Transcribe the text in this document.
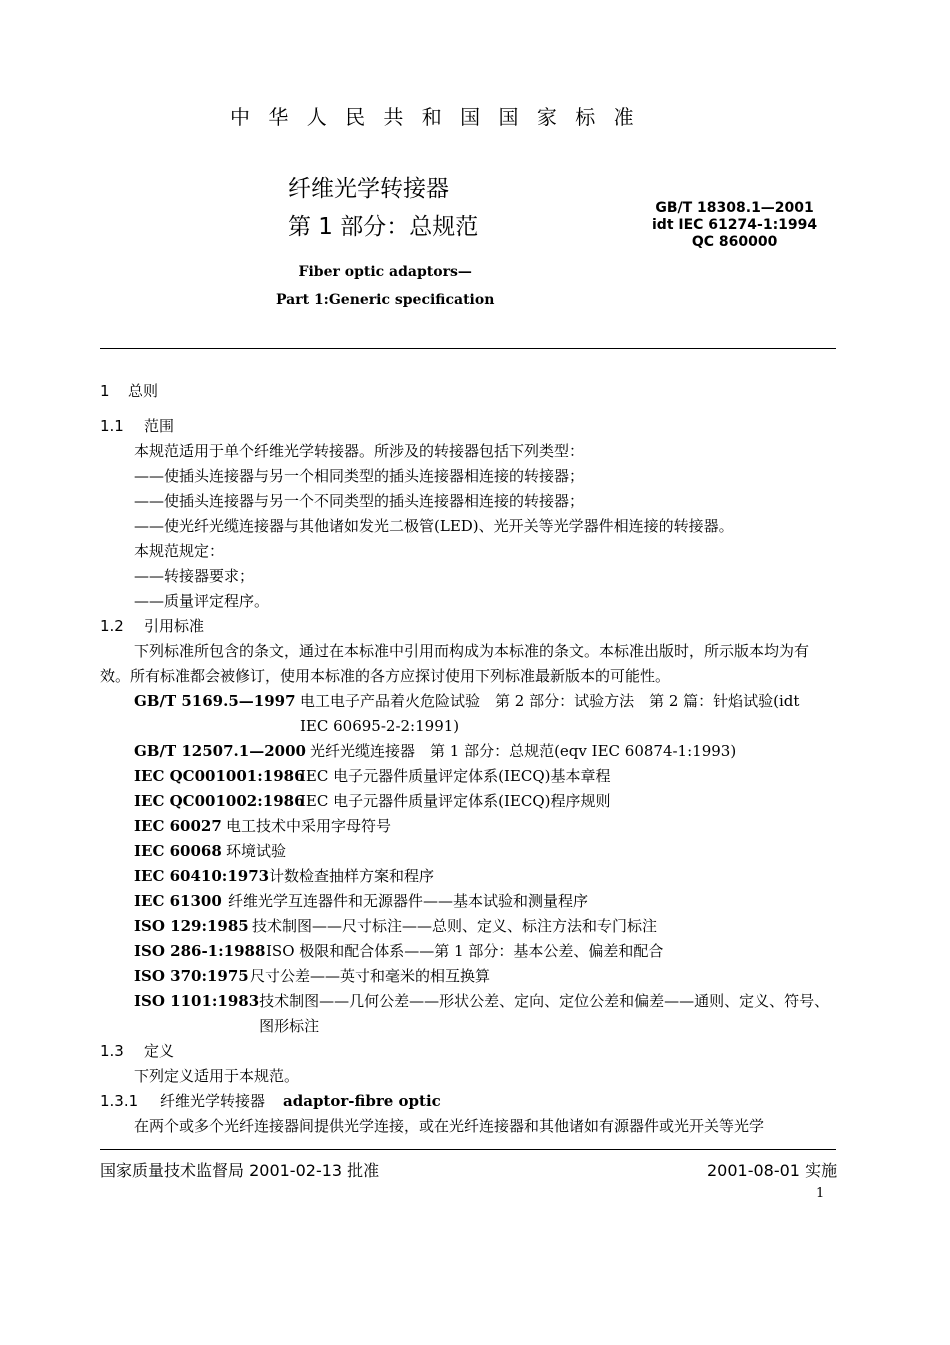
中 华 人 民 共 和 国 国 家 标 准
纤维光学转接器
第 1 部分：总规范
GB/T 18308.1—2001
idt IEC 61274-1:1994
QC 860000
Fiber optic adaptors—
Part 1:Generic specification
1 总则
1.1 范围
本规范适用于单个纤维光学转接器。所涉及的转接器包括下列类型：
——使插头连接器与另一个相同类型的插头连接器相连接的转接器；
——使插头连接器与另一个不同类型的插头连接器相连接的转接器；
——使光纤光缆连接器与其他诸如发光二极管(LED)、光开关等光学器件相连接的转接器。
本规范规定：
——转接器要求；
——质量评定程序。
1.2 引用标准
下列标准所包含的条文，通过在本标准中引用而构成为本标准的条文。本标准出版时，所示版本均为有效。所有标准都会被修订，使用本标准的各方应探讨使用下列标准最新版本的可能性。
GB/T 5169.5—1997 电工电子产品着火危险试验　第 2 部分：试验方法　第 2 篇：针焰试验(idt
IEC 60695-2-2:1991)
GB/T 12507.1—2000 光纤光缆连接器　第 1 部分：总规范(eqv IEC 60874-1:1993)
IEC QC001001:1986
IEC 电子元器件质量评定体系(IECQ)基本章程
IEC QC001002:1986
IEC 电子元器件质量评定体系(IECQ)程序规则
IEC 60027 电工技术中采用字母符号
IEC 60068 环境试验
IEC 60410:1973 计数检查抽样方案和程序
IEC 61300 纤维光学互连器件和无源器件——基本试验和测量程序
ISO 129:1985 技术制图——尺寸标注——总则、定义、标注方法和专门标注
ISO 286-1:1988 ISO 极限和配合体系——第 1 部分：基本公差、偏差和配合
ISO 370:1975 尺寸公差——英寸和毫米的相互换算
ISO 1101:1983 技术制图——几何公差——形状公差、定向、定位公差和偏差——通则、定义、符号、图形标注
1.3 定义
下列定义适用于本规范。
1.3.1 纤维光学转接器 adaptor-fibre optic
在两个或多个光纤连接器间提供光学连接，或在光纤连接器和其他诸如有源器件或光开关等光学
国家质量技术监督局 2001-02-13 批准	2001-08-01 实施
1
